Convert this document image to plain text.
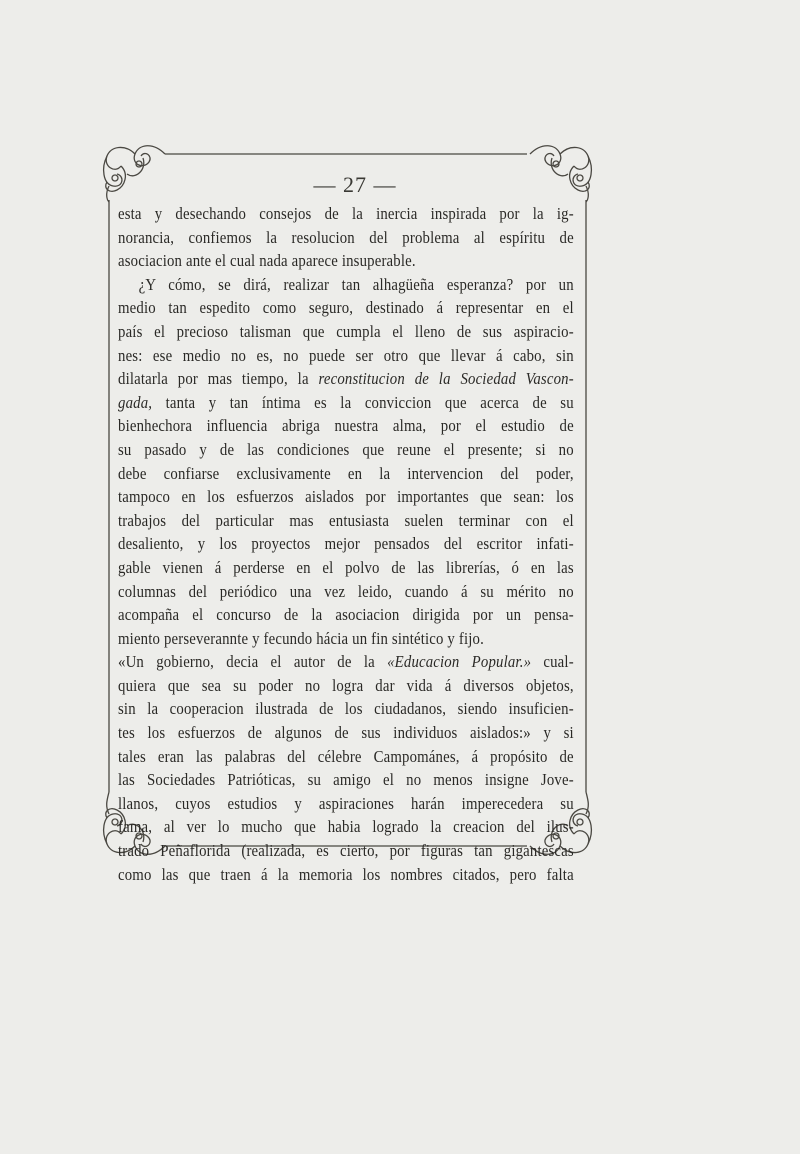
— 27 —
esta y desechando consejos de la inercia inspirada por la ig-
norancia, confiemos la resolucion del problema al espíritu de
asociacion ante el cual nada aparece insuperable.
¿Y cómo, se dirá, realizar tan alhagüeña esperanza? por un
medio tan espedito como seguro, destinado á representar en el
país el precioso talisman que cumpla el lleno de sus aspiracio-
nes: ese medio no es, no puede ser otro que llevar á cabo, sin
dilatarla por mas tiempo, la reconstitucion de la Sociedad Vascon-
gada, tanta y tan íntima es la conviccion que acerca de su
bienhechora influencia abriga nuestra alma, por el estudio de
su pasado y de las condiciones que reune el presente; si no
debe confiarse exclusivamente en la intervencion del poder,
tampoco en los esfuerzos aislados por importantes que sean: los
trabajos del particular mas entusiasta suelen terminar con el
desaliento, y los proyectos mejor pensados del escritor infati-
gable vienen á perderse en el polvo de las librerías, ó en las
columnas del periódico una vez leido, cuando á su mérito no
acompaña el concurso de la asociacion dirigida por un pensa-
miento perseverannte y fecundo hácia un fin sintético y fijo.
«Un gobierno, decia el autor de la «Educacion Popular.» cual-
quiera que sea su poder no logra dar vida á diversos objetos,
sin la cooperacion ilustrada de los ciudadanos, siendo insuficien-
tes los esfuerzos de algunos de sus individuos aislados:» y si
tales eran las palabras del célebre Campománes, á propósito de
las Sociedades Patrióticas, su amigo el no menos insigne Jove-
llanos, cuyos estudios y aspiraciones harán imperecedera su
fama, al ver lo mucho que habia logrado la creacion del ilus-
trado Peñaflorida (realizada, es cierto, por figuras tan gigantescas
como las que traen á la memoria los nombres citados, pero falta
